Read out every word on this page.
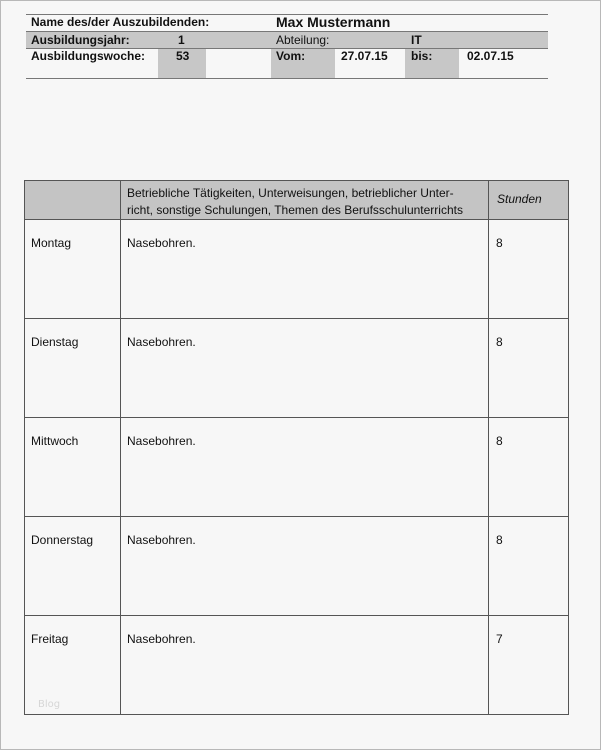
Name des/der Auszubildenden:	Max Mustermann
Ausbildungsjahr:	1	Abteilung:	IT
Ausbildungswoche:	53	Vom:	27.07.15 bis:	02.07.15

	Betriebliche Tätigkeiten, Unterweisungen, betrieblicher Unter-
richt, sonstige Schulungen, Themen des Berufsschulunterrichts	Stunden

Montag	Nasebohren.	8

Dienstag	Nasebohren.	8

Mittwoch	Nasebohren.	8

Donnerstag	Nasebohren.	8

Freitag	Nasebohren.	7
Blog
